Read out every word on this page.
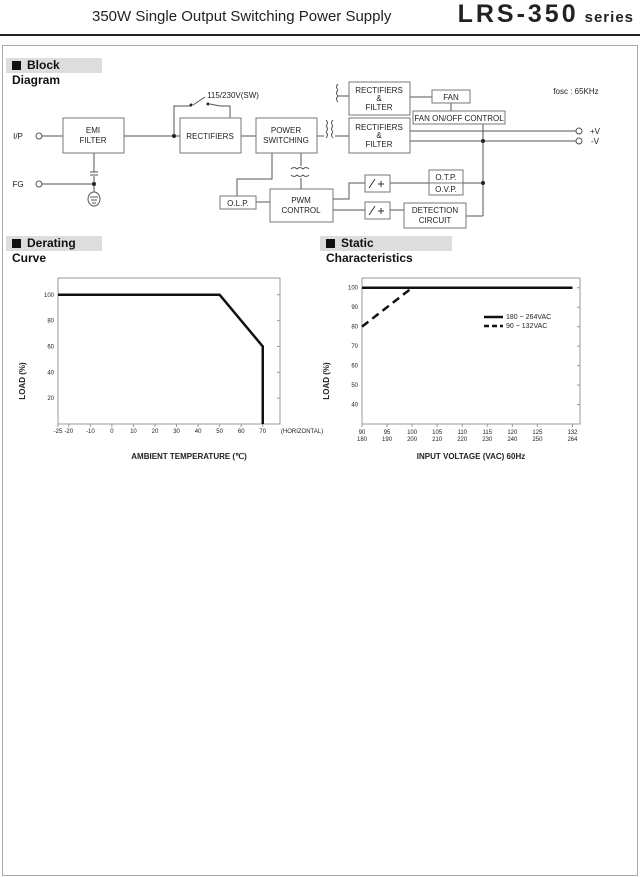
350W Single Output Switching Power Supply	LRS-350 series
Block Diagram
Derating Curve
Static Characteristics
I/P
FG
EMI
FILTER
115/230V(SW)
RECTIFIERS
POWER
SWITCHING
RECTIFIERS
&
FILTER
RECTIFIERS
&
FILTER
FAN
FAN ON/OFF CONTROL
fosc : 65KHz
+V
-V
O.L.P.	PWM
CONTROL
O.T.P.
O.V.P.
DETECTION
CIRCUIT
20
40
60
80
100
-25 -20 -10	0	10 20 30 40 50 60 70 (HORIZONTAL)
AMBIENT TEMPERATURE (℃)
LOAD (%)
40
50
60
70
80
90
100
90
180
95
190
100
200
105
210
110
220
115
230
120
240
125
250
132
264
INPUT VOLTAGE (VAC) 60Hz
LOAD (%)
180 ~ 264VAC
90 ~ 132VAC
